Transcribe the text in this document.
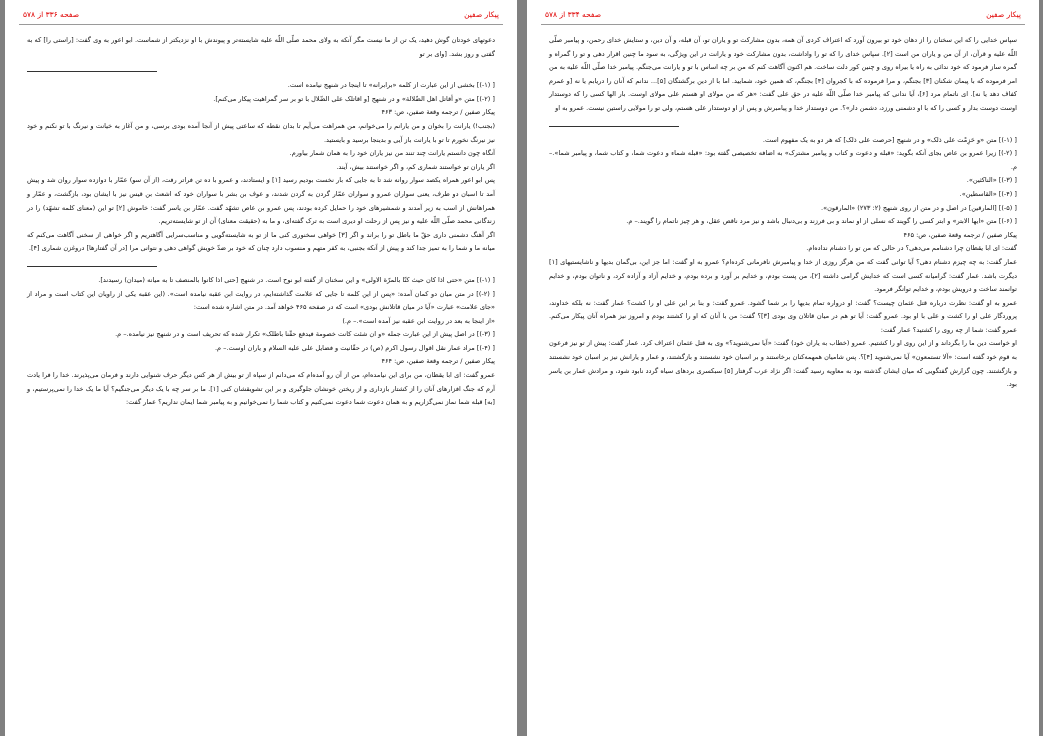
پیکار صفین
صفحه ۳۳۶ از ۵۷۸

دعوتهای خودتان گوش دهید، یک تن از ما نیست مگر آنکه به ولای محمد صلّی اللّه علیه شایسته‌تر و پیوندش با او نزدیکتر از شماست. ابو اعور به وی گفت: [راستی را] که به گفتی و روز بشد. [وای بر تو

[ (۱-)] بخشی از این عبارت از کلمه «برابرانه» تا اینجا در شنهج نیامده است.

[ (۲-)] متن «و أقاتل اهل الضّلالة» و در شنهج [و اقاتلک علی الضّلال با تو بر سر گمراهیت پیکار می‌کنم].

پیکار صفین / ترجمه وقعة صفین، ص: ۴۶۳

(بجنب!) یارانت را بخوان و من یارانم را می‌خوانم، من همراهت می‌آیم تا بدان نقطه که ساعتی پیش از آنجا آمده بودی برسی، و من آغاز به خیانت و نیرنگ با تو نکنم و خود نیز نیرنگ نخورم تا تو با یارانت باز آیی و بدینجا برسید و بایستید.

آنگاه چون دانستم یارانت چند تنند من نیز یاران خود را به همان شمار بیاورم.

اگر یاران تو خواستند شماری کم، و اگر خواستند بیش، آیند.

پس ابو اعور همراه یکصد سوار روانه شد تا به جایی که بار نخست بودیم رسید [۱] و ایستادند، و عمرو با ده تن فراتر رفت، (از آن سو) عمّار با دوازده سوار روان شد و پیش آمد تا اسبان دو طرف، یعنی سواران عمرو و سواران عمّار گردن به گردن شدند، و عوف بن بشر با سواران خود که اشعث بن قیس نیز با ایشان بود، بازگشت، و عمّار و همراهانش از اسب به زیر آمدند و شمشیرهای خود را حمایل کرده بودند، پس عمرو بن عاص تشهّد گفت. عمّار بن یاسر گفت: خاموش [۲] تو این (معنای کلمه تشهّد) را در زندگانی محمد صلّی اللّه علیه و نیز پس از رحلت او دیری است به ترک گفته‌ای، و ما به (حقیقت معنای) آن از تو شایسته‌تریم.

اگر آهنگ دشمنی داری حقّ ما باطل تو را براند و اگر [۳] خواهی سخنوری کنی ما از تو به شایسته‌گویی و مناسب‌سرایی آگاهتریم و اگر خواهی از سخنی آگاهت می‌کنم که میانه ما و شما را به تمیز جدا کند و پیش از آنکه بجنبی، به کفر متهم و منسوب دارد چنان که خود بر ضدّ خویش گواهی دهی و نتوانی مرا [در آن گفتارها] دروغزن شماری [۴].

[ (۱-)] متن «حتی اذا کان حیث کنّا بالمرّة الاولی» و این سخنان از گفته ابو نوح است. در شنهج [حتی اذا کانوا بالمنصف تا به میانه (میدان) رسیدند].

[ (۲-)] در متن میان دو کمان آمده: «پس از این کلمه تا جایی که علامت گذاشته‌ایم، در روایت ابن عقبه نیامده است». (این عقبه یکی از راویان این کتاب است و مراد از «جای علامت» عبارت «آیا در میان قاتلانش بودی» است که در صفحه ۴۶۵ خواهد آمد. در متن اشاره شده است:

«از اینجا به بعد در روایت ابن عقبه نیز آمده است».– م.)

[ (۳-)] در اصل پیش از این عبارت جمله «و ان شئت کانت خصومة فیدفع حقّنا باطلک» تکرار شده که تحریف است و در شنهج نیز نیامده.– م.

[ (۴-)] مراد عمار نقل اقوال رسول اکرم (ص) در حقّانیت و فضایل علی علیه السلام و یاران اوست.– م.

پیکار صفین / ترجمه وقعة صفین، ص: ۴۶۴

عمرو گفت: ای ابا یقظان، من برای این نیامده‌ام، من از آن رو آمده‌ام که می‌دانم از سپاه از تو بیش از هر کس دیگر حرف شنوایی دارند و فرمان می‌پذیرند. خدا را فرا یادت آرم که جنگ افزارهای آنان را از کشتار بازداری و از ریختن خونشان جلوگیری و بر این تشویقشان کنی [۱]. ما بر سر چه با یک دیگر می‌جنگیم؟ آیا ما یک خدا را نمی‌پرستیم، و [به] قبله شما نماز نمی‌گزاریم و به همان دعوت شما دعوت نمی‌کنیم و کتاب شما را نمی‌خوانیم و به پیامبر شما ایمان نداریم؟ عمار گفت:

پیکار صفین
صفحه ۳۳۴ از ۵۷۸

سپاس خدایی را که این سخنان را از دهان خود تو بیرون آورد که اعتراف کردی آن همه، بدون مشارکت تو و یاران تو، آن قبله، و آن دین، و ستایش خدای رحمن، و پیامبر صلّی اللّه علیه و قرآن، از آن من و یاران من است [۲]. سپاس خدای را که تو را واداشت، بدون مشارکت خود و یارانت در این ویژگی، به سود ما چنین اقرار دهی و تو را گمراه و گمره ساز فرمود که خود ندائی به راه یا بیراه روی و چنین کور دلت ساخت. هم اکنون آگاهت کنم که من بر چه اساس با تو و یارانت می‌جنگم. پیامبر خدا صلّی اللّه علیه به من امر فرموده که با پیمان شکنان [۳] بجنگم، و مرا فرموده که با کجروان [۴] بجنگم، که همین خود، شمایید. اما با از دین برگشتگان [۵]... ندانم که آنان را دریابم یا نه [و عمرم کفاف دهد یا نه]. ای ناتمام مرد [۶]، آیا ندانی که پیامبر خدا صلّی اللّه علیه در حق علی گفت: «هر که من مولای او هستم علی مولای اوست. بار الها کسی را که دوستدار اوست دوست بدار و کسی را که با او دشمنی ورزد، دشمن دار»؟. من دوستدار خدا و پیامبرش و پس از او دوستدار علی هستم، ولی تو را مولایی راستین نیست. عمرو به او

[ (۱-)] متن «و حَزِمْت علی ذلک» و در شنهج [حرصت علی ذلک] که هر دو به یک مفهوم است.

[ (۲-)] زیرا عمرو بن عاص بجای آنکه بگوید: «قبله و دعوت و کتاب و پیامبر مشترک» به اضافه تخصیصی گفته بود: «قبله شماء و دعوت شما، و کتاب شما، و پیامبر شما».– م.

[ (۳-)] «الناکثین».

[ (۴-)] «القاسطین».

[ (۵-)] [المارقین] در اصل و در متن از روی شنهج (۲: ۲۷۳) «المارقون».

[ (۶-)] متن «ایها الابتر» و ابتر کسی را گویند که نسلی از او نماند و بی فرزند و بی‌دنبال باشد و نیز مرد ناقص عقل، و هر چیز ناتمام را گویند.– م.

پیکار صفین / ترجمه وقعة صفین، ص: ۴۶۵

گفت: ای ابا یقظان چرا دشنامم می‌دهی؟ در حالی که من تو را دشنام نداده‌ام.

عمار گفت: به چه چیزم دشنام دهی؟ آیا توانی گفت که من هرگز روزی از خدا و پیامبرش نافرمانی کرده‌ام؟ عمرو به او گفت: اما جز این، بی‌گمان بدیها و ناشایستیهای [۱] دیگرت باشد. عمار گفت: گرامیانه کسی است که خدایش گرامی داشته [۲]، من پست بودم، و خدایم بر آورد و برده بودم، و خدایم آزاد و آزاده کرد، و ناتوان بودم، و خدایم توانمند ساخت و درویش بودم، و خدایم توانگر فرمود.

عمرو به او گفت: نظرت درباره قتل عثمان چیست؟ گفت: او درواره تمام بدیها را بر شما گشود. عمرو گفت: و بنا بر این علی او را کشت؟ عمار گفت: نه بلکه خداوند، پروردگار علی او را کشت و علی با او بود. عمرو گفت: آیا تو هم در میان قاتلان وی بودی [۳]؟ گفت: من با آنان که او را کشتند بودم و امروز نیز همراه آنان پیکار می‌کنم. عمرو گفت: شما از چه روی را کشتید؟ عمار گفت:

او خواست دین ما را بگرداند و از این روی او را کشتیم. عمرو (خطاب به یاران خود) گفت: «آیا نمی‌شنوید؟» وی به قتل عثمان اعتراف کرد. عمار گفت: پیش از تو نیز فرعون به قوم خود گفته است: «آلا تستمعون» آیا نمی‌شنوید [۴]؟. پس شامیان همهمه‌کنان برخاستند و بر اسبان خود نشستند و بازگشتند، و عمار و یارانش نیز بر اسبان خود نشستند و بازگشتند. چون گزارش گفتگویی که میان ایشان گذشته بود به معاویه رسید گفت: اگر نژاد عرب گرفتار [۵] سبکسری بردهای سیاه گردد نابود شود، و مرادش عمار بن یاسر بود.
